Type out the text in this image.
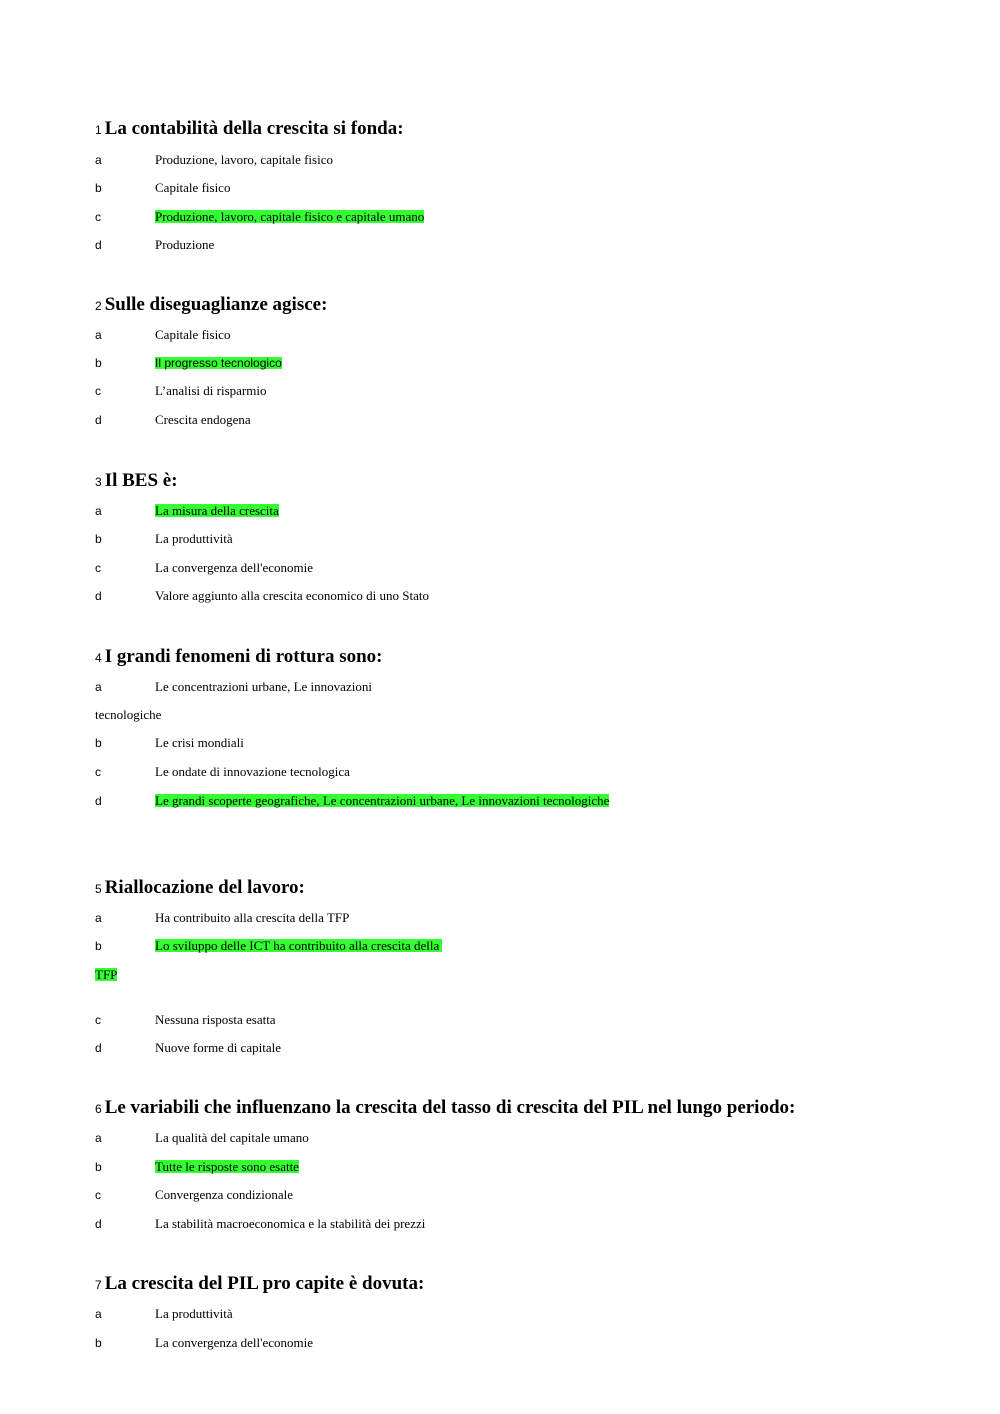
1 La contabilità della crescita si fonda:
a	Produzione, lavoro, capitale fisico
b	Capitale fisico
c	Produzione, lavoro, capitale fisico e capitale umano
d	Produzione
2 Sulle diseguaglianze agisce:
a	Capitale fisico
b	Il progresso tecnologico
c	L’analisi di risparmio
d	Crescita endogena
3 Il BES è:
a	La misura della crescita
b	La produttività
c	La convergenza dell'economie
d	Valore aggiunto alla crescita economico di uno Stato
4 I grandi fenomeni di rottura sono:
a	Le concentrazioni urbane, Le innovazioni
tecnologiche
b	Le crisi mondiali
c	Le ondate di innovazione tecnologica
d	Le grandi scoperte geografiche, Le concentrazioni urbane, Le innovazioni tecnologiche
5 Riallocazione del lavoro:
a	Ha contribuito alla crescita della TFP
b	Lo sviluppo delle ICT ha contribuito alla crescita della
TFP
c	Nessuna risposta esatta
d	Nuove forme di capitale
6 Le variabili che influenzano la crescita del tasso di crescita del PIL nel lungo periodo:
a	La qualità del capitale umano
b	Tutte le risposte sono esatte
c	Convergenza condizionale
d	La stabilità macroeconomica e la stabilità dei prezzi
7 La crescita del PIL pro capite è dovuta:
a	La produttività
b	La convergenza dell'economie
